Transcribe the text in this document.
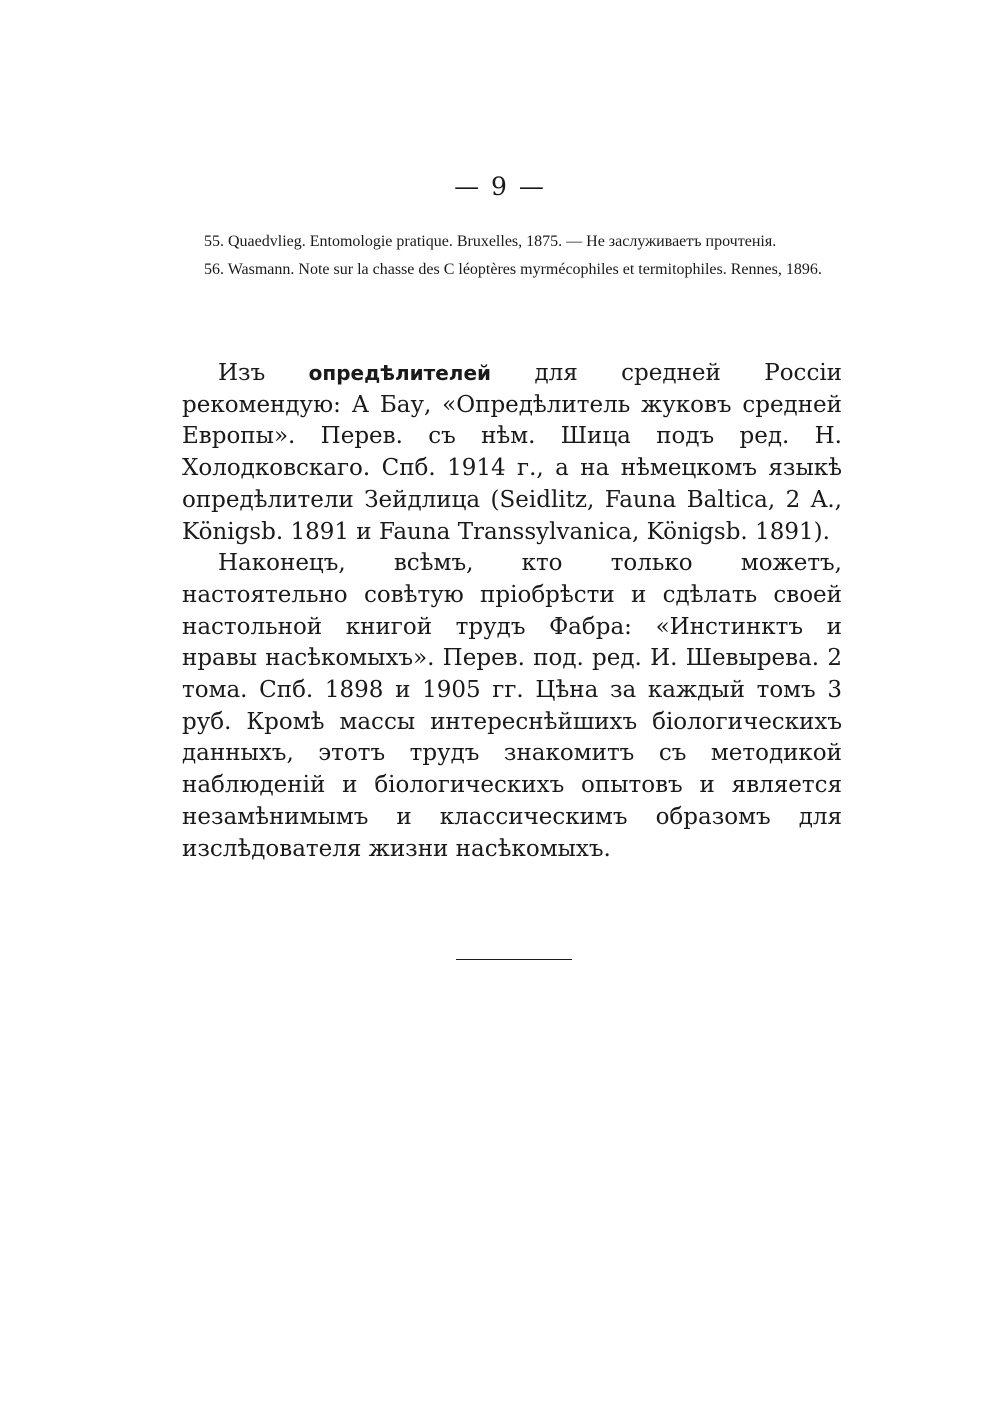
— 9 —

55. Quaedvlieg. Entomologie pratique. Bruxelles, 1875. — Не заслуживаетъ прочтенія.

56. Wasmann. Note sur la chasse des C léoptères myrmécophiles et termitophiles. Rennes, 1896.

Изъ опредѣлителей для средней Россіи рекомендую: А Бау, «Опредѣлитель жуковъ средней Европы». Перев. съ нѣм. Шица подъ ред. Н. Холодковскаго. Спб. 1914 г., а на нѣмецкомъ языкѣ опредѣлители Зейдлица (Seidlitz, Fauna Baltica, 2 A., Königsb. 1891 и Fauna Transsylvanica, Königsb. 1891).

Наконецъ, всѣмъ, кто только можетъ, настоятельно совѣтую пріобрѣсти и сдѣлать своей настольной книгой трудъ Фабра: «Инстинктъ и нравы насѣкомыхъ». Перев. под. ред. И. Шевырева. 2 тома. Спб. 1898 и 1905 гг. Цѣна за каждый томъ 3 руб. Кромѣ массы интереснѣйшихъ біологическихъ данныхъ, этотъ трудъ знакомитъ съ методикой наблюденій и біологическихъ опытовъ и является незамѣнимымъ и классическимъ образомъ для изслѣдователя жизни насѣкомыхъ.
